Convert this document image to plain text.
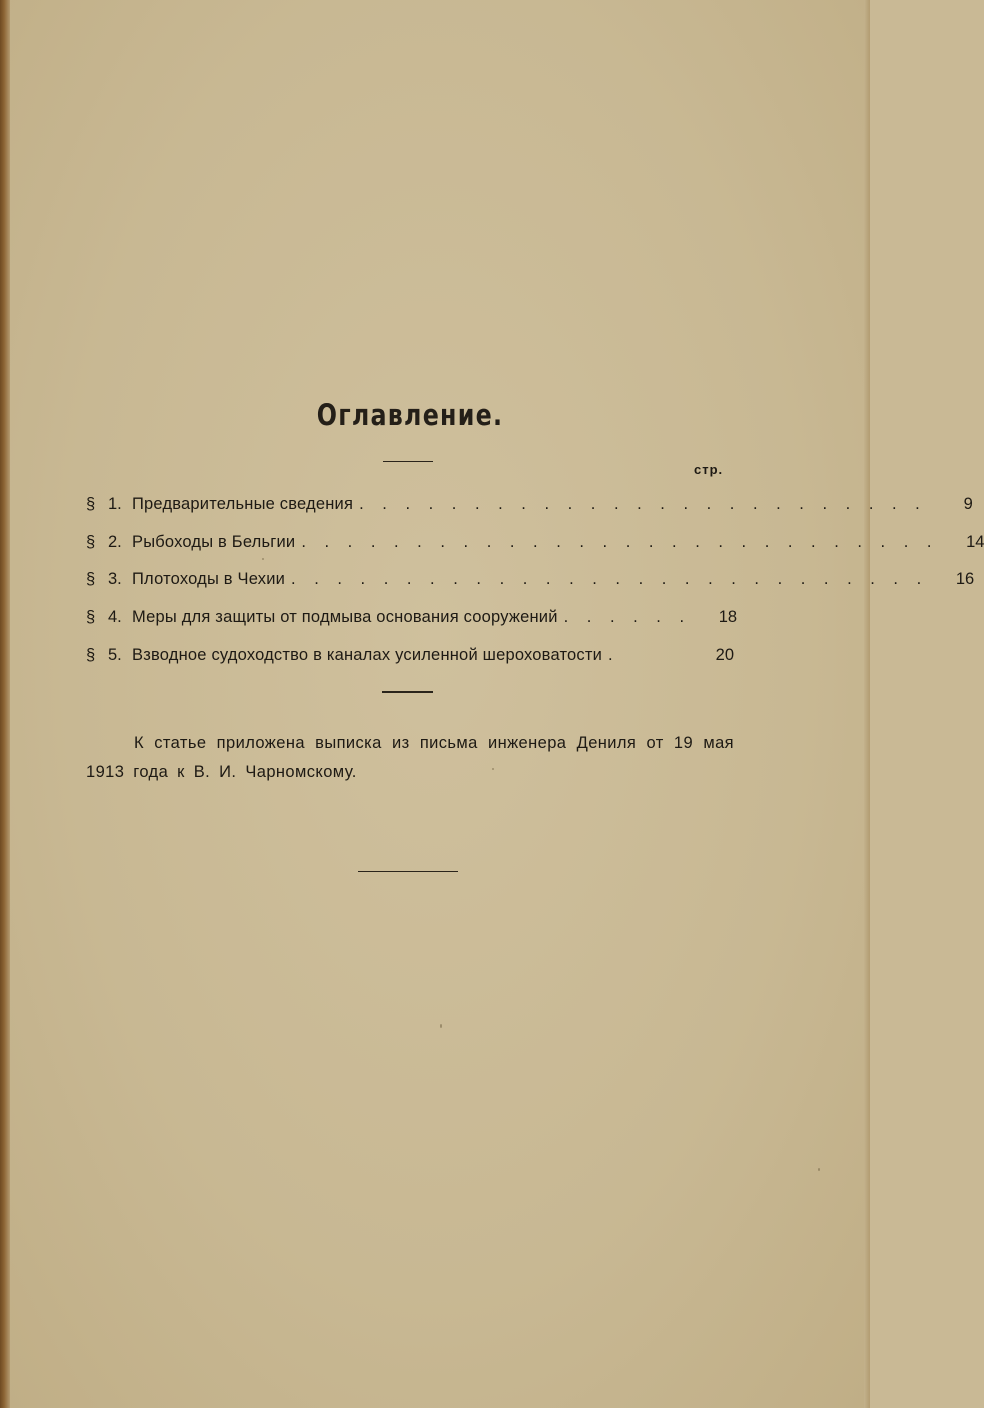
Оглавление.
стр.
§ 1. Предварительные сведения . . . . . . . . . . . . . . . . . . . . . . . . .	9
§ 2. Рыбоходы в Бельгии . . . . . . . . . . . . . . . . . . . . . . . . . . . .	14
§ 3. Плотоходы в Чехии . . . . . . . . . . . . . . . . . . . . . . . . . . . .	16
§ 4. Меры для защиты от подмыва основания сооружений . . . . . .	18
§ 5. Взводное судоходство в каналах усиленной шероховатости .	20
К статье приложена выписка из письма инженера Дениля от 19 мая 1913 года к В. И. Чарномскому.
